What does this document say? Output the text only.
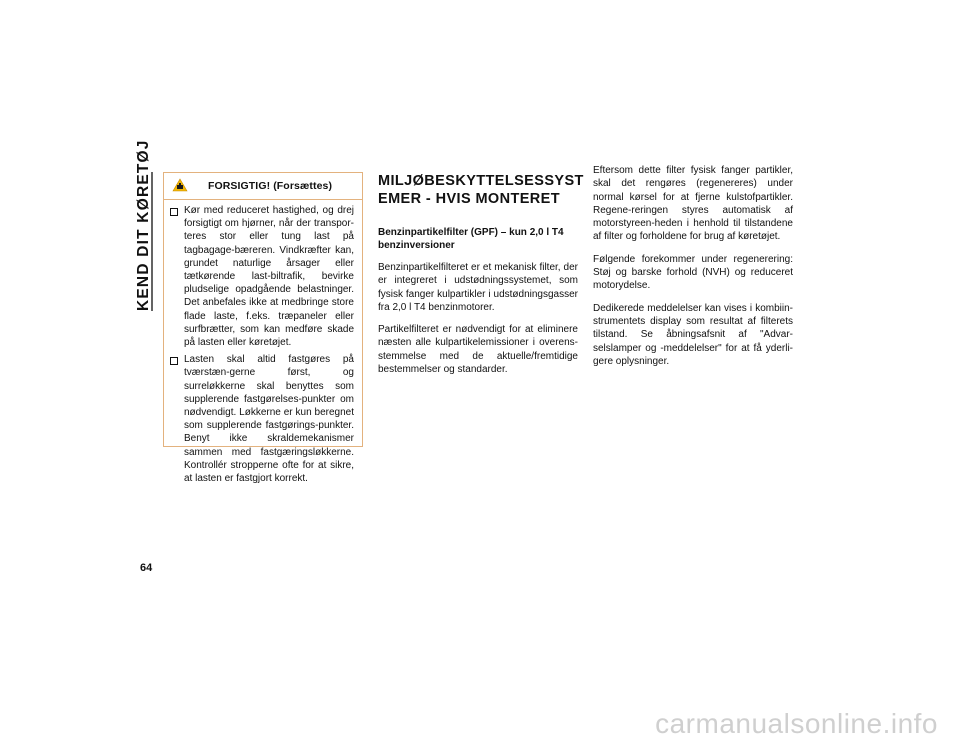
KEND DIT KØRETØJ
64
FORSIGTIG! (Forsættes)
Kør med reduceret hastighed, og drej forsigtigt om hjørner, når der transpor-teres stor eller tung last på tagbagage-bæreren. Vindkræfter kan, grundet naturlige årsager eller tætkørende last-biltrafik, bevirke pludselige opadgående belastninger. Det anbefales ikke at medbringe store flade laste, f.eks. træpaneler eller surfbrætter, som kan medføre skade på lasten eller køretøjet.
Lasten skal altid fastgøres på tværstæn-gerne først, og surreløkkerne skal benyttes som supplerende fastgørelses-punkter om nødvendigt. Løkkerne er kun beregnet som supplerende fastgørings-punkter. Benyt ikke skraldemekanismer sammen med fastgæringsløkkerne. Kontrollér stropperne ofte for at sikre, at lasten er fastgjort korrekt.
MILJØBESKYTTELSESSYST EMER - HVIS MONTERET
Benzinpartikelfilter (GPF) – kun 2,0 l T4 benzinversioner
Benzinpartikelfilteret er et mekanisk filter, der er integreret i udstødningssystemet, som fysisk fanger kulpartikler i udstødningsgasser fra 2,0 l T4 benzinmotorer.
Partikelfilteret er nødvendigt for at eliminere næsten alle kulpartikelemissioner i overens-stemmelse med de aktuelle/fremtidige bestemmelser og standarder.
Eftersom dette filter fysisk fanger partikler, skal det rengøres (regenereres) under normal kørsel for at fjerne kulstofpartikler. Regene-reringen styres automatisk af motorstyreen-heden i henhold til tilstandene af filter og forholdene for brug af køretøjet.
Følgende forekommer under regenerering: Støj og barske forhold (NVH) og reduceret motorydelse.
Dedikerede meddelelser kan vises i kombiin-strumentets display som resultat af filterets tilstand. Se åbningsafsnit af "Advar-selslamper og -meddelelser" for at få yderli-gere oplysninger.
carmanualsonline.info
